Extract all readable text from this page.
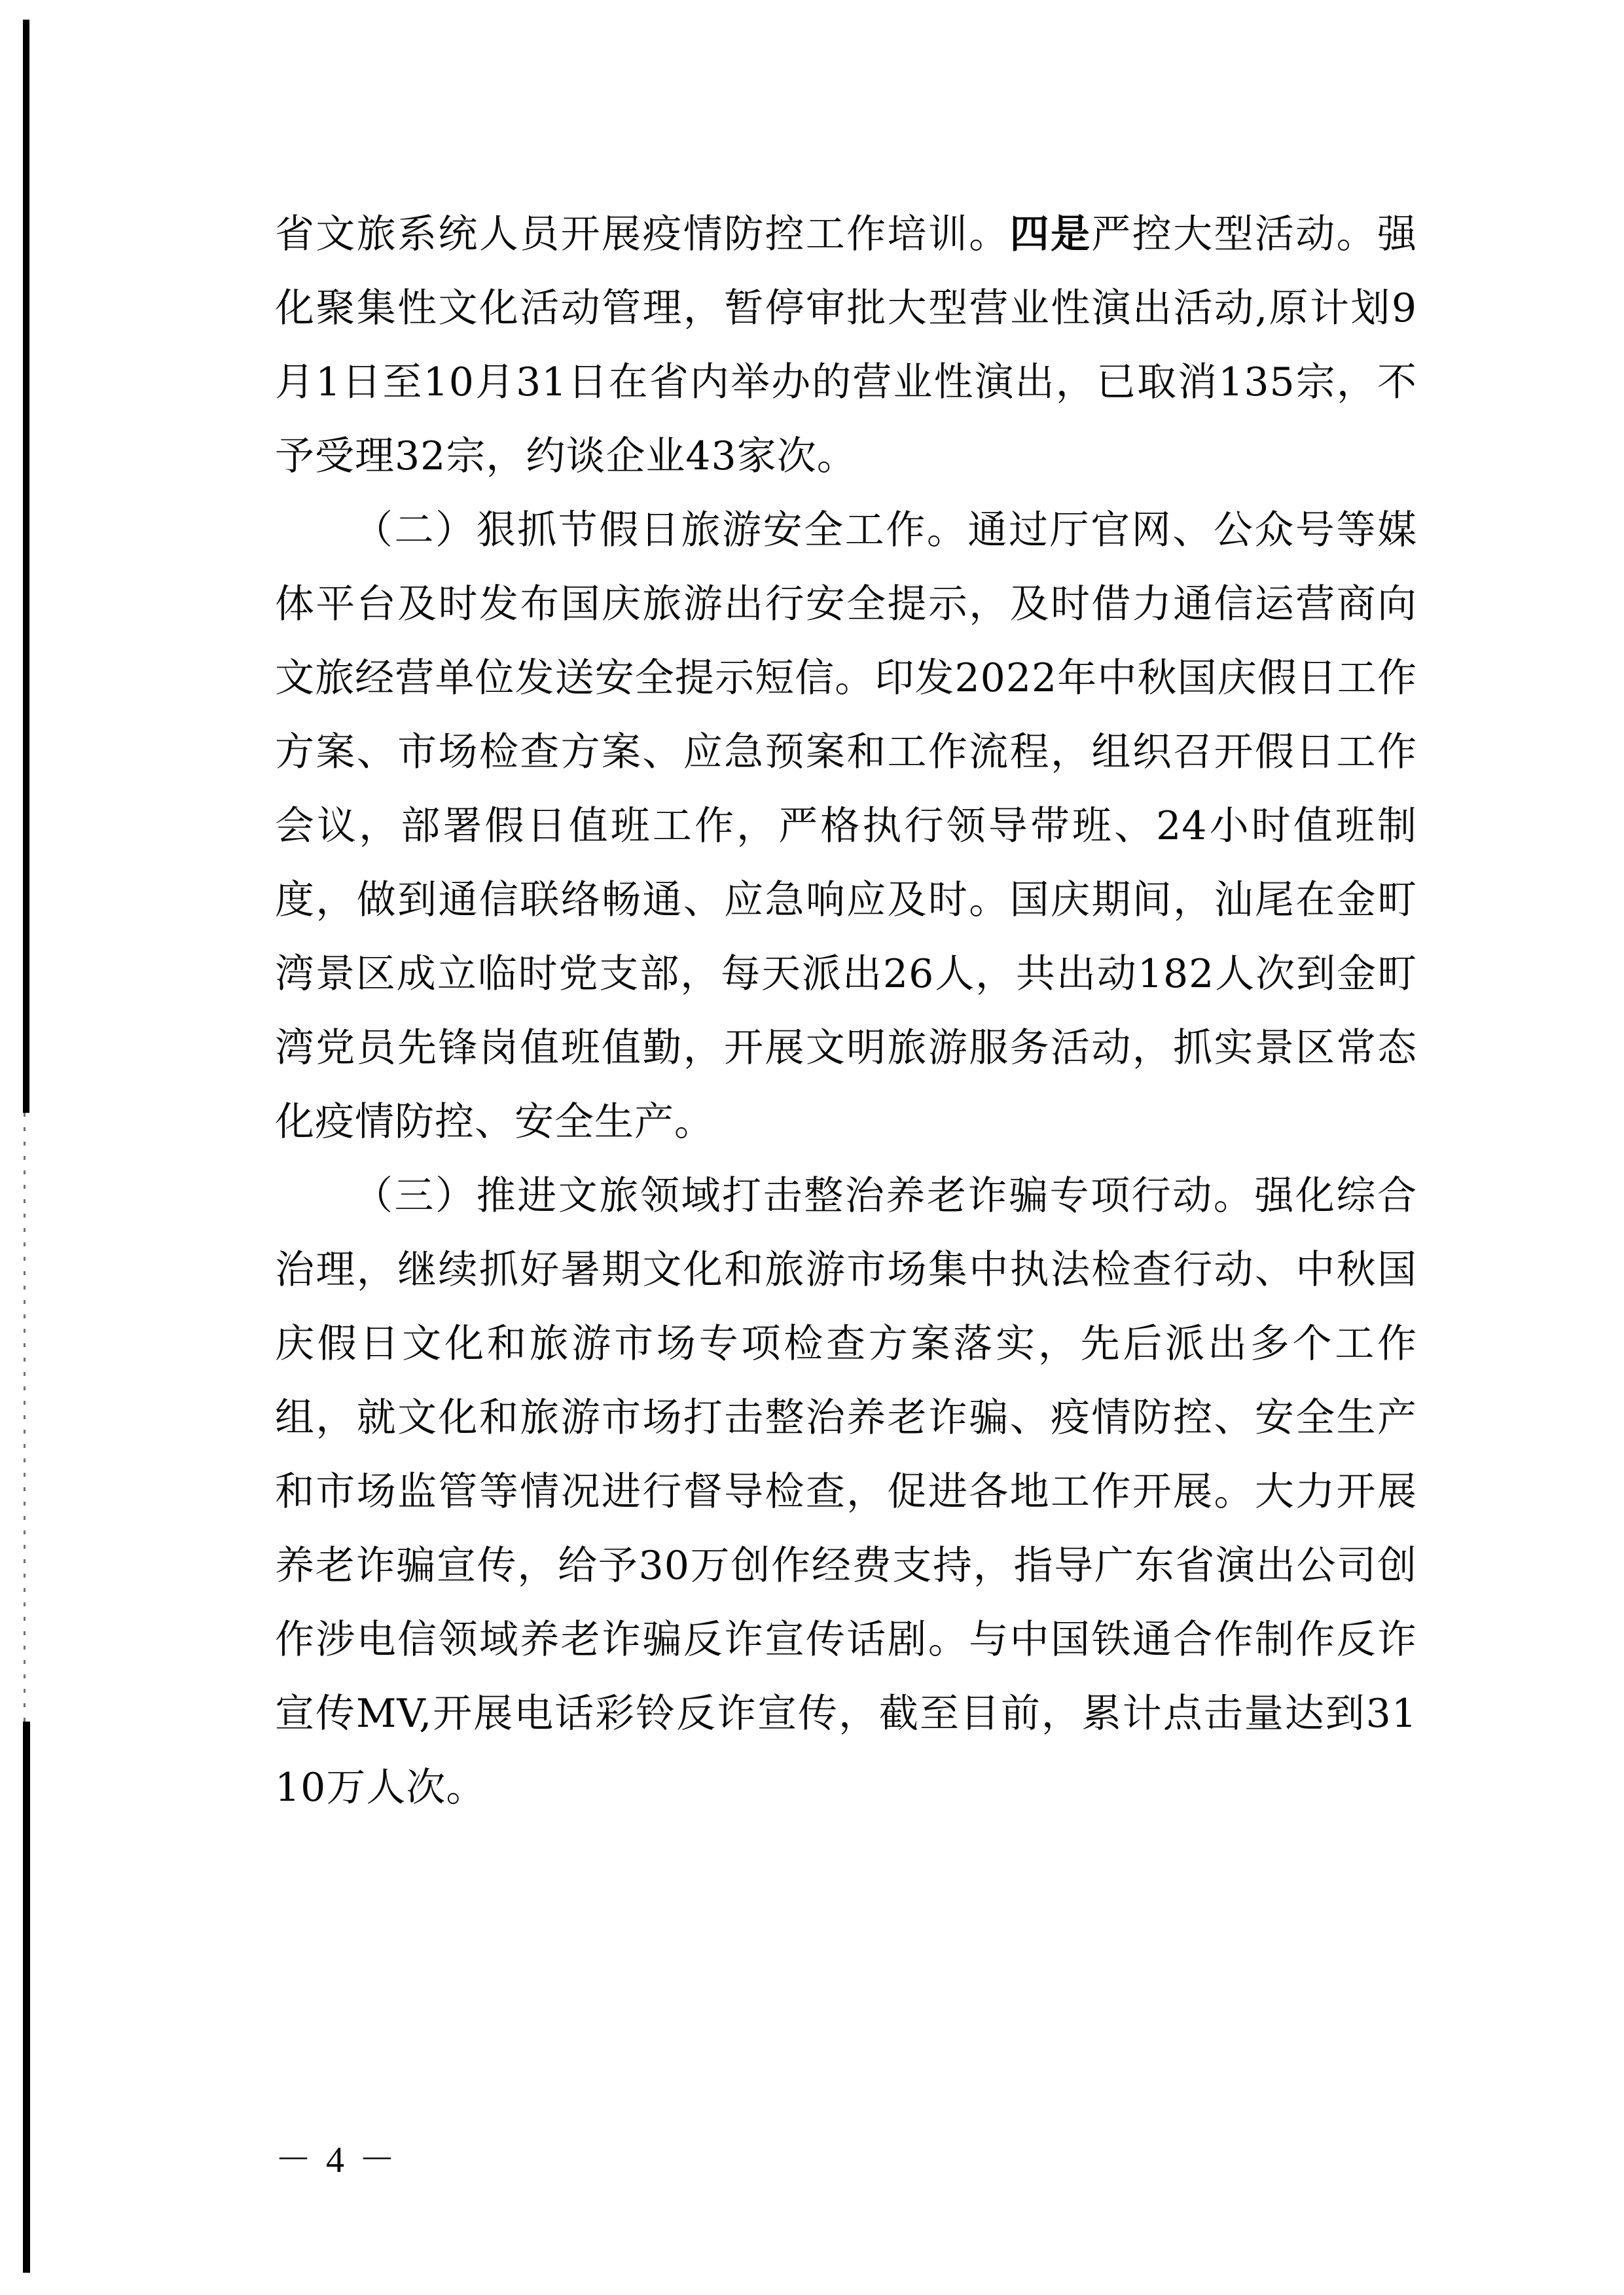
省文旅系统人员开展疫情防控工作培训。四是严控大型活动。强化聚集性文化活动管理，暂停审批大型营业性演出活动,原计划9月1日至10月31日在省内举办的营业性演出，已取消135宗，不予受理32宗，约谈企业43家次。

（二）狠抓节假日旅游安全工作。通过厅官网、公众号等媒体平台及时发布国庆旅游出行安全提示，及时借力通信运营商向文旅经营单位发送安全提示短信。印发2022年中秋国庆假日工作方案、市场检查方案、应急预案和工作流程，组织召开假日工作会议，部署假日值班工作，严格执行领导带班、24小时值班制度，做到通信联络畅通、应急响应及时。国庆期间，汕尾在金町湾景区成立临时党支部，每天派出26人，共出动182人次到金町湾党员先锋岗值班值勤，开展文明旅游服务活动，抓实景区常态化疫情防控、安全生产。

（三）推进文旅领域打击整治养老诈骗专项行动。强化综合治理，继续抓好暑期文化和旅游市场集中执法检查行动、中秋国庆假日文化和旅游市场专项检查方案落实，先后派出多个工作组，就文化和旅游市场打击整治养老诈骗、疫情防控、安全生产和市场监管等情况进行督导检查，促进各地工作开展。大力开展养老诈骗宣传，给予30万创作经费支持，指导广东省演出公司创作涉电信领域养老诈骗反诈宣传话剧。与中国铁通合作制作反诈宣传MV,开展电话彩铃反诈宣传，截至目前，累计点击量达到3110万人次。

－ 4 －
